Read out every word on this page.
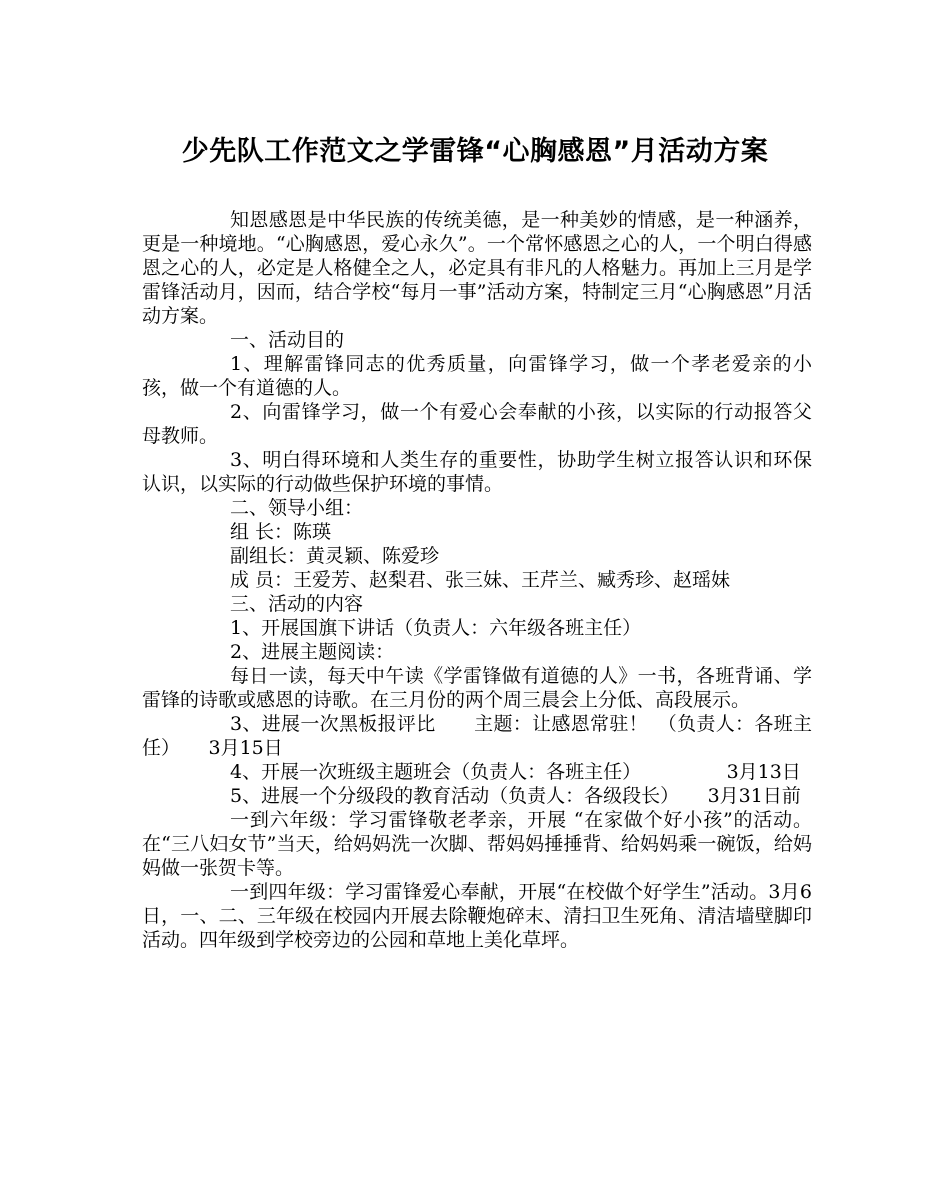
少先队工作范文之学雷锋“心胸感恩”月活动方案

知恩感恩是中华民族的传统美德，是一种美妙的情感，是一种涵养，更是一种境地。“心胸感恩，爱心永久”。一个常怀感恩之心的人，一个明白得感恩之心的人，必定是人格健全之人，必定具有非凡的人格魅力。再加上三月是学雷锋活动月，因而，结合学校“每月一事”活动方案，特制定三月“心胸感恩”月活动方案。

一、活动目的

1、理解雷锋同志的优秀质量，向雷锋学习，做一个孝老爱亲的小孩，做一个有道德的人。

2、向雷锋学习，做一个有爱心会奉献的小孩，以实际的行动报答父母教师。

3、明白得环境和人类生存的重要性，协助学生树立报答认识和环保认识，以实际的行动做些保护环境的事情。

二、领导小组：

组 长：陈瑛

副组长：黄灵颖、陈爱珍

成 员：王爱芳、赵梨君、张三妹、王芹兰、臧秀珍、赵瑶妹

三、活动的内容

1、开展国旗下讲话（负责人：六年级各班主任）

2、进展主题阅读：

每日一读，每天中午读《学雷锋做有道德的人》一书，各班背诵、学雷锋的诗歌或感恩的诗歌。在三月份的两个周三晨会上分低、高段展示。

3、进展一次黑板报评比　　主题：让感恩常驻！　（负责人：各班主任）　　3月15日

4、开展一次班级主题班会（负责人：各班主任）　　　　　3月13日

5、进展一个分级段的教育活动（负责人：各级段长）　　3月31日前

一到六年级：学习雷锋敬老孝亲，开展 “在家做个好小孩”的活动。在“三八妇女节”当天，给妈妈洗一次脚、帮妈妈捶捶背、给妈妈乘一碗饭，给妈妈做一张贺卡等。

一到四年级：学习雷锋爱心奉献，开展“在校做个好学生”活动。3月6日，一、二、三年级在校园内开展去除鞭炮碎末、清扫卫生死角、清洁墙壁脚印活动。四年级到学校旁边的公园和草地上美化草坪。
